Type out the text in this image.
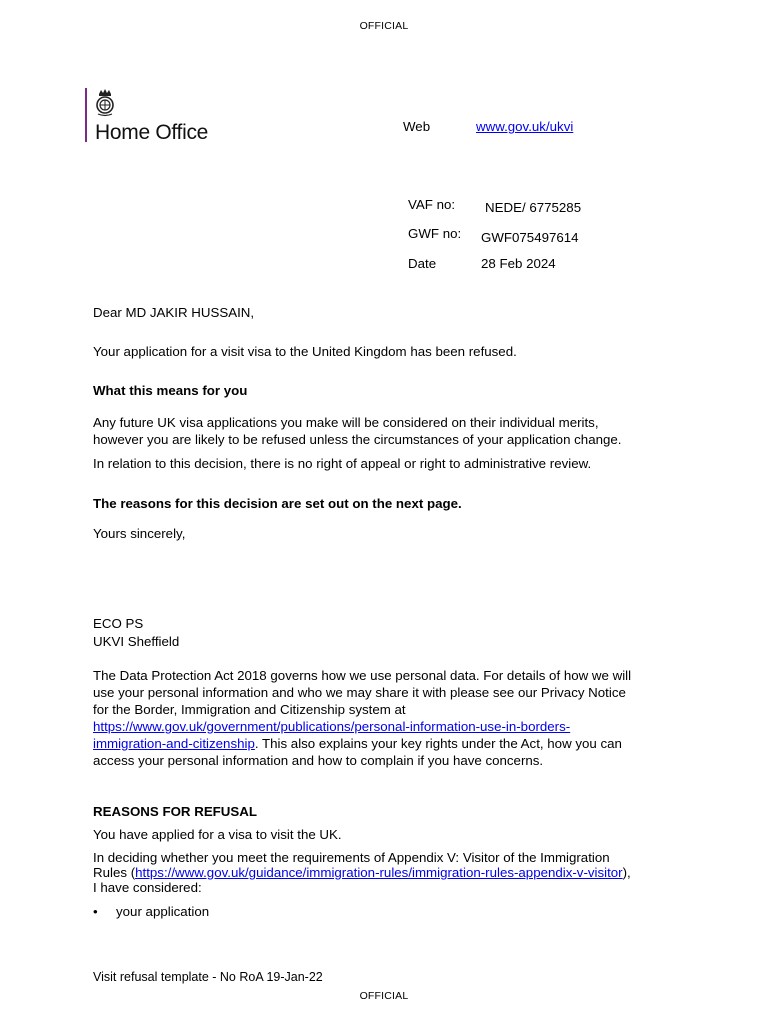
OFFICIAL
Home Office	Web	www.gov.uk/ukvi
VAF no: NEDE/ 6775285
GWF no: GWF075497614
Date	28 Feb 2024
Dear MD JAKIR HUSSAIN,
Your application for a visit visa to the United Kingdom has been refused.
What this means for you
Any future UK visa applications you make will be considered on their individual merits,
however you are likely to be refused unless the circumstances of your application change.
In relation to this decision, there is no right of appeal or right to administrative review.
The reasons for this decision are set out on the next page.
Yours sincerely,
ECO PS
UKVI Sheffield
The Data Protection Act 2018 governs how we use personal data. For details of how we will
use your personal information and who we may share it with please see our Privacy Notice
for the Border, Immigration and Citizenship system at
https://www.gov.uk/government/publications/personal-information-use-in-borders-
immigration-and-citizenship. This also explains your key rights under the Act, how you can
access your personal information and how to complain if you have concerns.
REASONS FOR REFUSAL
You have applied for a visa to visit the UK.
In deciding whether you meet the requirements of Appendix V: Visitor of the Immigration
Rules (https://www.gov.uk/guidance/immigration-rules/immigration-rules-appendix-v-visitor),
I have considered:
• your application
Visit refusal template - No RoA 19-Jan-22
OFFICIAL
